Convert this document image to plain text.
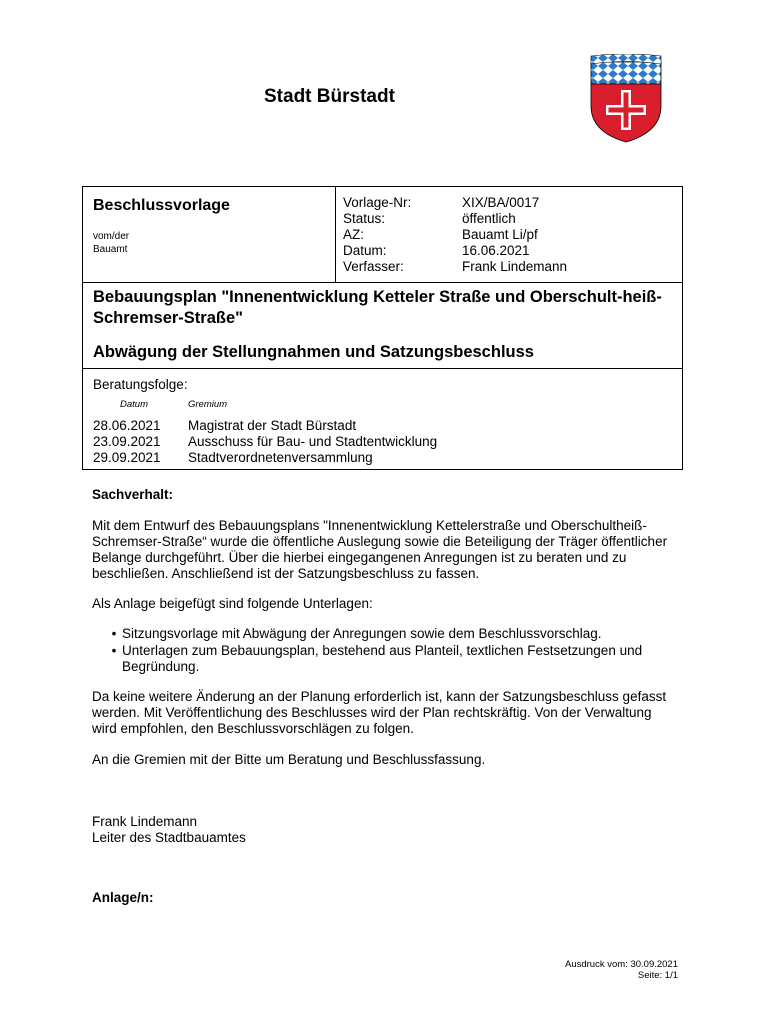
Stadt Bürstadt
Beschlussvorlage
vom/der
Bauamt
Vorlage-Nr:	XIX/BA/0017
Status:	öffentlich
AZ:	Bauamt Li/pf
Datum:	16.06.2021
Verfasser:	Frank Lindemann

Bebauungsplan "Innenentwicklung Ketteler Straße und Oberschult-heiß-Schremser-Straße"

Abwägung der Stellungnahmen und Satzungsbeschluss

Beratungsfolge:
Datum	Gremium
28.06.2021 Magistrat der Stadt Bürstadt
23.09.2021 Ausschuss für Bau- und Stadtentwicklung
29.09.2021 Stadtverordnetenversammlung
Sachverhalt:

Mit dem Entwurf des Bebauungsplans "Innenentwicklung Kettelerstraße und Oberschultheiß-Schremser-Straße“ wurde die öffentliche Auslegung sowie die Beteiligung der Träger öffentlicher Belange durchgeführt. Über die hierbei eingegangenen Anregungen ist zu beraten und zu beschließen. Anschließend ist der Satzungsbeschluss zu fassen.

Als Anlage beigefügt sind folgende Unterlagen:

• Sitzungsvorlage mit Abwägung der Anregungen sowie dem Beschlussvorschlag.
• Unterlagen zum Bebauungsplan, bestehend aus Planteil, textlichen Festsetzungen und Begründung.

Da keine weitere Änderung an der Planung erforderlich ist, kann der Satzungsbeschluss gefasst werden. Mit Veröffentlichung des Beschlusses wird der Plan rechtskräftig. Von der Verwaltung wird empfohlen, den Beschlussvorschlägen zu folgen.

An die Gremien mit der Bitte um Beratung und Beschlussfassung.

Frank Lindemann
Leiter des Stadtbauamtes
Anlage/n:
Ausdruck vom: 30.09.2021
Seite: 1/1
